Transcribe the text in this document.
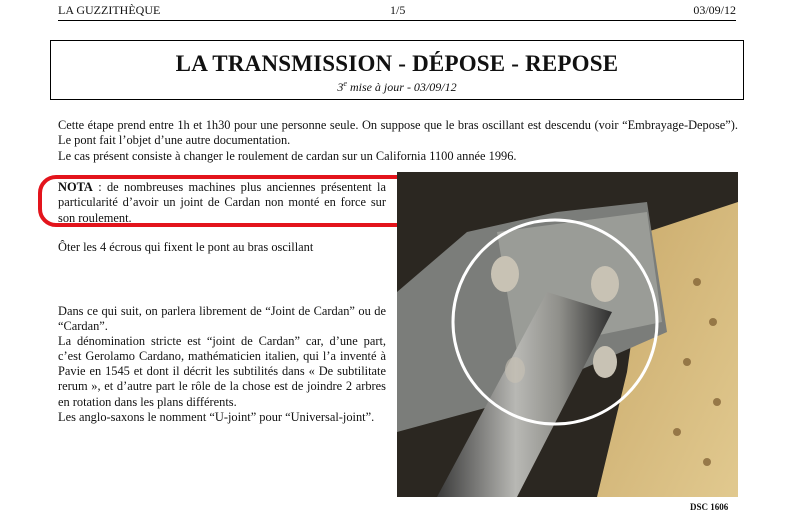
LA GUZZITHÈQUE	1/5	03/09/12
LA TRANSMISSION - DÉPOSE - REPOSE
3e mise à jour - 03/09/12

Cette étape prend entre 1h et 1h30 pour une personne seule. On suppose que le bras oscillant est descendu (voir “Embrayage-Depose”). Le pont fait l’objet d’une autre documentation.

Le cas présent consiste à changer le roulement de cardan sur un California 1100 année 1996.

NOTA : de nombreuses machines plus anciennes présentent la particularité d’avoir un joint de Cardan non monté en force sur son roulement.
Ôter les 4 écrous qui fixent le pont au bras oscillant

Dans ce qui suit, on parlera librement de “Joint de Cardan” ou de “Cardan”.

La dénomination stricte est “joint de Cardan” car, d’une part, c’est Gerolamo Cardano, mathématicien italien, qui l’a inventé à Pavie en 1545 et dont il décrit les subtilités dans « De subtilitate rerum », et d’autre part le rôle de la chose est de joindre 2 arbres en rotation dans les plans différents.

Les anglo-saxons le nomment “U-joint” pour “Universal-joint”.

DSC 1606
